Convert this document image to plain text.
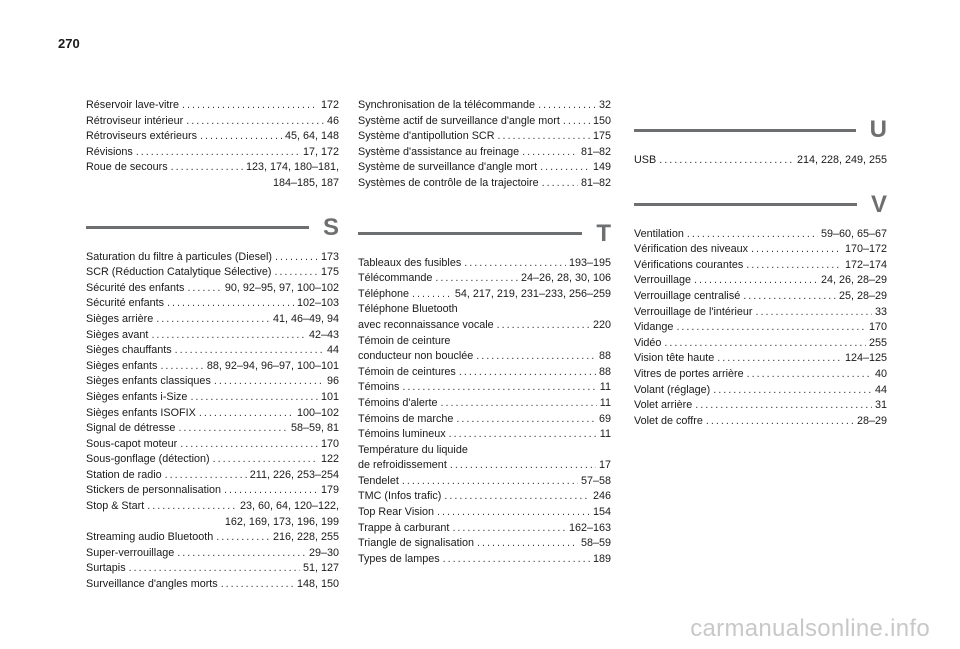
270
Réservoir lave-vitre . . .	172
Rétroviseur intérieur . . .	46
Rétroviseurs extérieurs . . .	45, 64, 148
Révisions . . .	17, 172
Roue de secours . . .	123, 174, 180–181,
184–185, 187
S
Saturation du filtre à particules (Diesel) . . .	173
SCR (Réduction Catalytique Sélective) . . .	175
Sécurité des enfants . . .	90, 92–95, 97, 100–102
Sécurité enfants . . .	102–103
Sièges arrière . . .	41, 46–49, 94
Sièges avant . . .	42–43
Sièges chauffants . . .	44
Sièges enfants . . .	88, 92–94, 96–97, 100–101
Sièges enfants classiques . . .	96
Sièges enfants i-Size . . .	101
Sièges enfants ISOFIX . . .	100–102
Signal de détresse . . .	58–59, 81
Sous-capot moteur . . .	170
Sous-gonflage (détection) . . .	122
Station de radio . . .	211, 226, 253–254
Stickers de personnalisation . . .	179
Stop & Start . . .	23, 60, 64, 120–122,
162, 169, 173, 196, 199
Streaming audio Bluetooth . . .	216, 228, 255
Super-verrouillage . . .	29–30
Surtapis . . .	51, 127
Surveillance d'angles morts . . .	148, 150
Synchronisation de la télécommande . . .	32
Système actif de surveillance d'angle mort . . .	150
Système d'antipollution SCR . . .	175
Système d'assistance au freinage . . .	81–82
Système de surveillance d'angle mort . . .	149
Systèmes de contrôle de la trajectoire . . .	81–82
T
Tableaux des fusibles . . .	193–195
Télécommande . . .	24–26, 28, 30, 106
Téléphone . . .	54, 217, 219, 231–233, 256–259
Téléphone Bluetooth
avec reconnaissance vocale . . .	220
Témoin de ceinture
conducteur non bouclée . . .	88
Témoin de ceintures . . .	88
Témoins . . .	11
Témoins d'alerte . . .	11
Témoins de marche . . .	69
Témoins lumineux . . .	11
Température du liquide
de refroidissement . . .	17
Tendelet . . .	57–58
TMC (Infos trafic) . . .	246
Top Rear Vision . . .	154
Trappe à carburant . . .	162–163
Triangle de signalisation . . .	58–59
Types de lampes . . .	189
U
USB . . .	214, 228, 249, 255
V
Ventilation . . .	59–60, 65–67
Vérification des niveaux . . .	170–172
Vérifications courantes . . .	172–174
Verrouillage . . .	24, 26, 28–29
Verrouillage centralisé . . .	25, 28–29
Verrouillage de l'intérieur . . .	33
Vidange . . .	170
Vidéo . . .	255
Vision tête haute . . .	124–125
Vitres de portes arrière . . .	40
Volant (réglage) . . .	44
Volet arrière . . .	31
Volet de coffre . . .	28–29
carmanualsonline.info
